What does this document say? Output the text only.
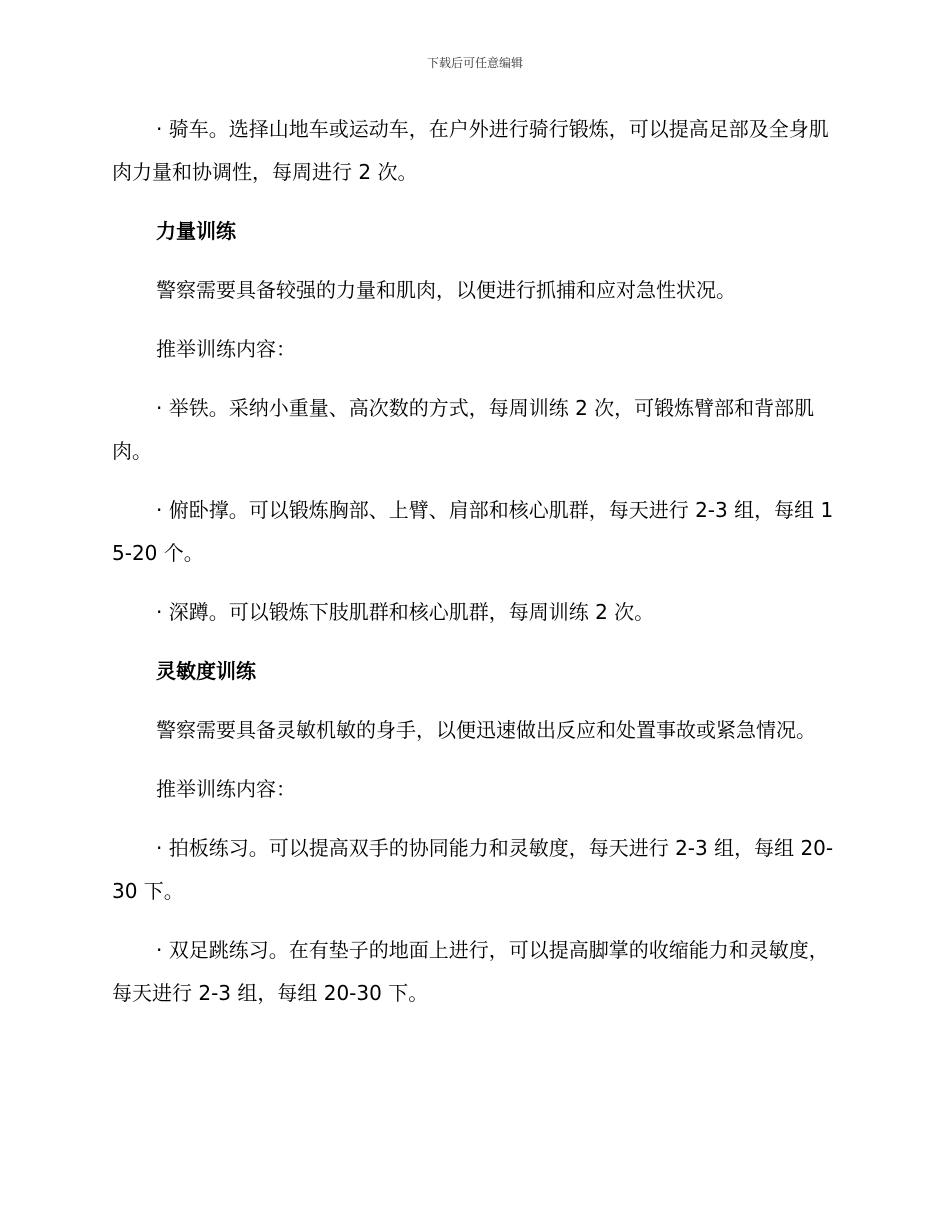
下载后可任意编辑

· 骑车。选择山地车或运动车，在户外进行骑行锻炼，可以提高足部及全身肌肉力量和协调性，每周进行 2 次。

力量训练

警察需要具备较强的力量和肌肉，以便进行抓捕和应对急性状况。

推举训练内容：

· 举铁。采纳小重量、高次数的方式，每周训练 2 次，可锻炼臂部和背部肌肉。

· 俯卧撑。可以锻炼胸部、上臂、肩部和核心肌群，每天进行 2-3 组，每组 15-20 个。

· 深蹲。可以锻炼下肢肌群和核心肌群，每周训练 2 次。

灵敏度训练

警察需要具备灵敏机敏的身手，以便迅速做出反应和处置事故或紧急情况。

推举训练内容：

· 拍板练习。可以提高双手的协同能力和灵敏度，每天进行 2-3 组，每组 20-30 下。

· 双足跳练习。在有垫子的地面上进行，可以提高脚掌的收缩能力和灵敏度，每天进行 2-3 组，每组 20-30 下。
